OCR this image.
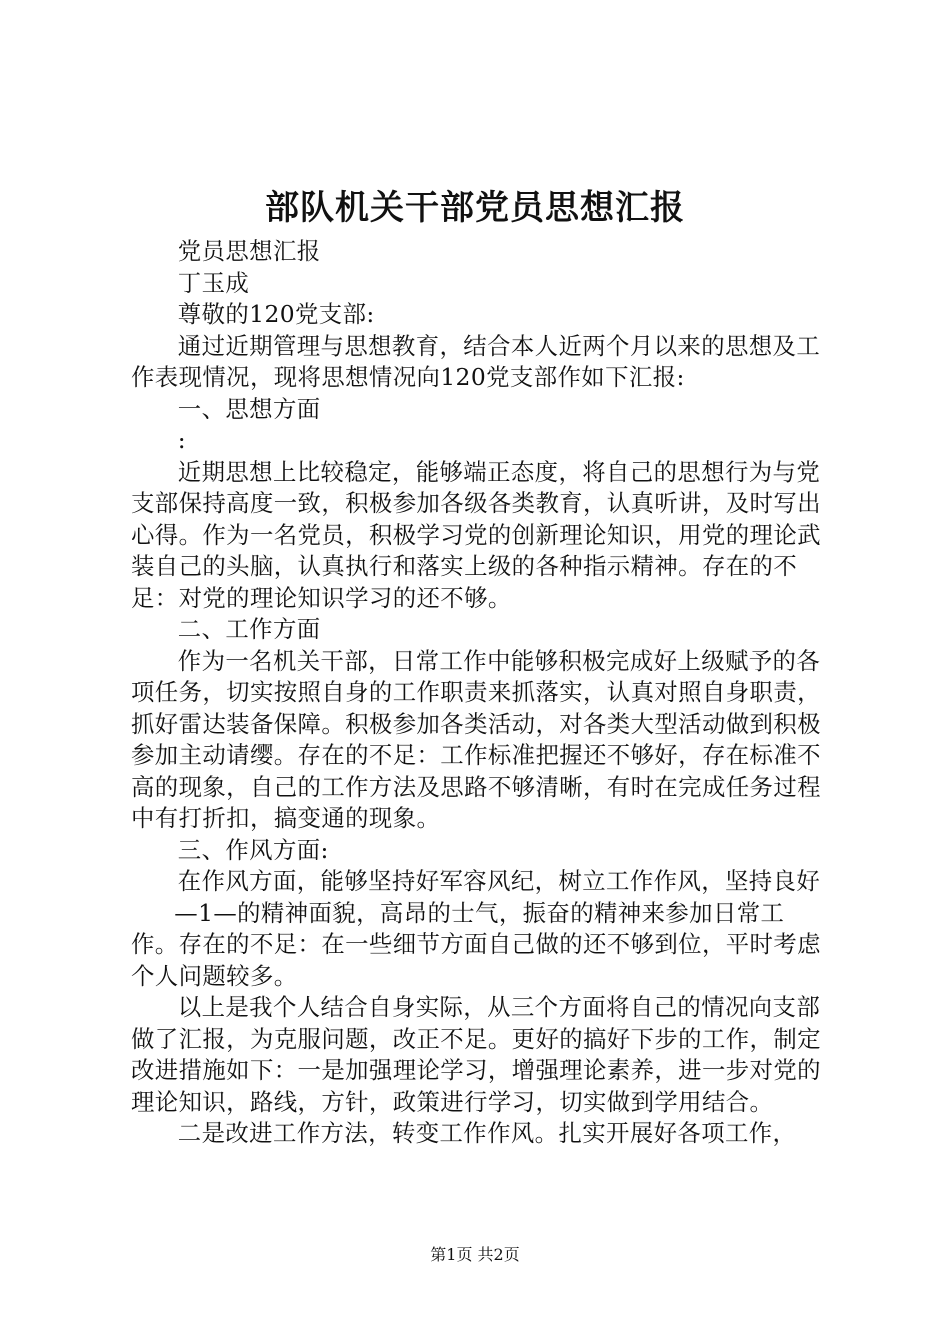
部队机关干部党员思想汇报

党员思想汇报

丁玉成

尊敬的120党支部:

通过近期管理与思想教育，结合本人近两个月以来的思想及工作表现情况，现将思想情况向120党支部作如下汇报:

一、思想方面

:

近期思想上比较稳定，能够端正态度，将自己的思想行为与党支部保持高度一致，积极参加各级各类教育，认真听讲，及时写出心得。作为一名党员，积极学习党的创新理论知识，用党的理论武装自己的头脑，认真执行和落实上级的各种指示精神。存在的不足：对党的理论知识学习的还不够。

二、工作方面

作为一名机关干部，日常工作中能够积极完成好上级赋予的各项任务，切实按照自身的工作职责来抓落实，认真对照自身职责，抓好雷达装备保障。积极参加各类活动，对各类大型活动做到积极参加主动请缨。存在的不足：工作标准把握还不够好，存在标准不高的现象，自己的工作方法及思路不够清晰，有时在完成任务过程中有打折扣，搞变通的现象。

三、作风方面:

在作风方面，能够坚持好军容风纪，树立工作作风，坚持良好

—1—的精神面貌，高昂的士气，振奋的精神来参加日常工作。存在的不足：在一些细节方面自己做的还不够到位，平时考虑个人问题较多。

以上是我个人结合自身实际，从三个方面将自己的情况向支部做了汇报，为克服问题，改正不足。更好的搞好下步的工作，制定改进措施如下：一是加强理论学习，增强理论素养，进一步对党的理论知识，路线，方针，政策进行学习，切实做到学用结合。

二是改进工作方法，转变工作作风。扎实开展好各项工作，

第1页 共2页
